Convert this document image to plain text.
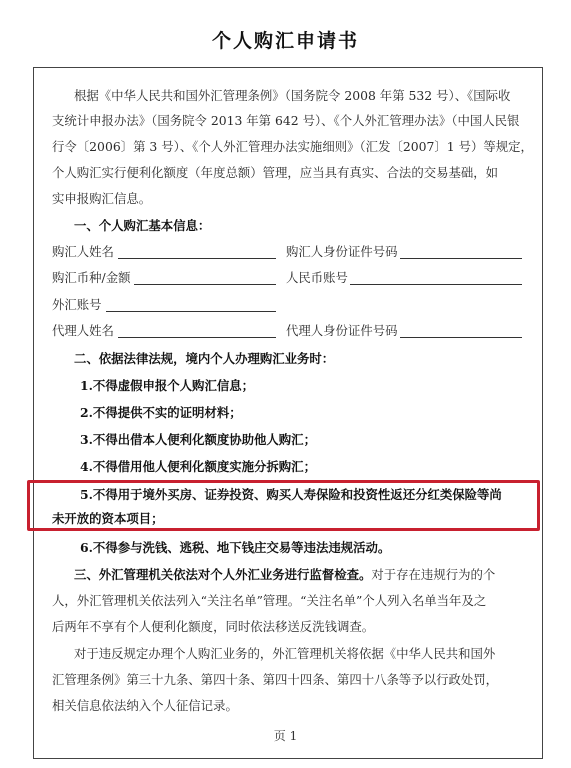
个人购汇申请书
根据《中华人民共和国外汇管理条例》（国务院令 2008 年第 532 号）、《国际收
支统计申报办法》（国务院令 2013 年第 642 号）、《个人外汇管理办法》（中国人民银
行令〔2006〕第 3 号）、《个人外汇管理办法实施细则》（汇发〔2007〕1 号）等规定，
个人购汇实行便利化额度（年度总额）管理，应当具有真实、合法的交易基础，如
实申报购汇信息。
一、个人购汇基本信息：
购汇人姓名	购汇人身份证件号码
购汇币种/金额	人民币账号
外汇账号
代理人姓名	代理人身份证件号码
二、依据法律法规，境内个人办理购汇业务时：
1.不得虚假申报个人购汇信息；
2.不得提供不实的证明材料；
3.不得出借本人便利化额度协助他人购汇；
4.不得借用他人便利化额度实施分拆购汇；
5.不得用于境外买房、证券投资、购买人寿保险和投资性返还分红类保险等尚
未开放的资本项目；
6.不得参与洗钱、逃税、地下钱庄交易等违法违规活动。
三、外汇管理机关依法对个人外汇业务进行监督检查。对于存在违规行为的个
人，外汇管理机关依法列入“关注名单”管理。“关注名单”个人列入名单当年及之
后两年不享有个人便利化额度，同时依法移送反洗钱调查。
对于违反规定办理个人购汇业务的，外汇管理机关将依据《中华人民共和国外
汇管理条例》第三十九条、第四十条、第四十四条、第四十八条等予以行政处罚，
相关信息依法纳入个人征信记录。
页 1
